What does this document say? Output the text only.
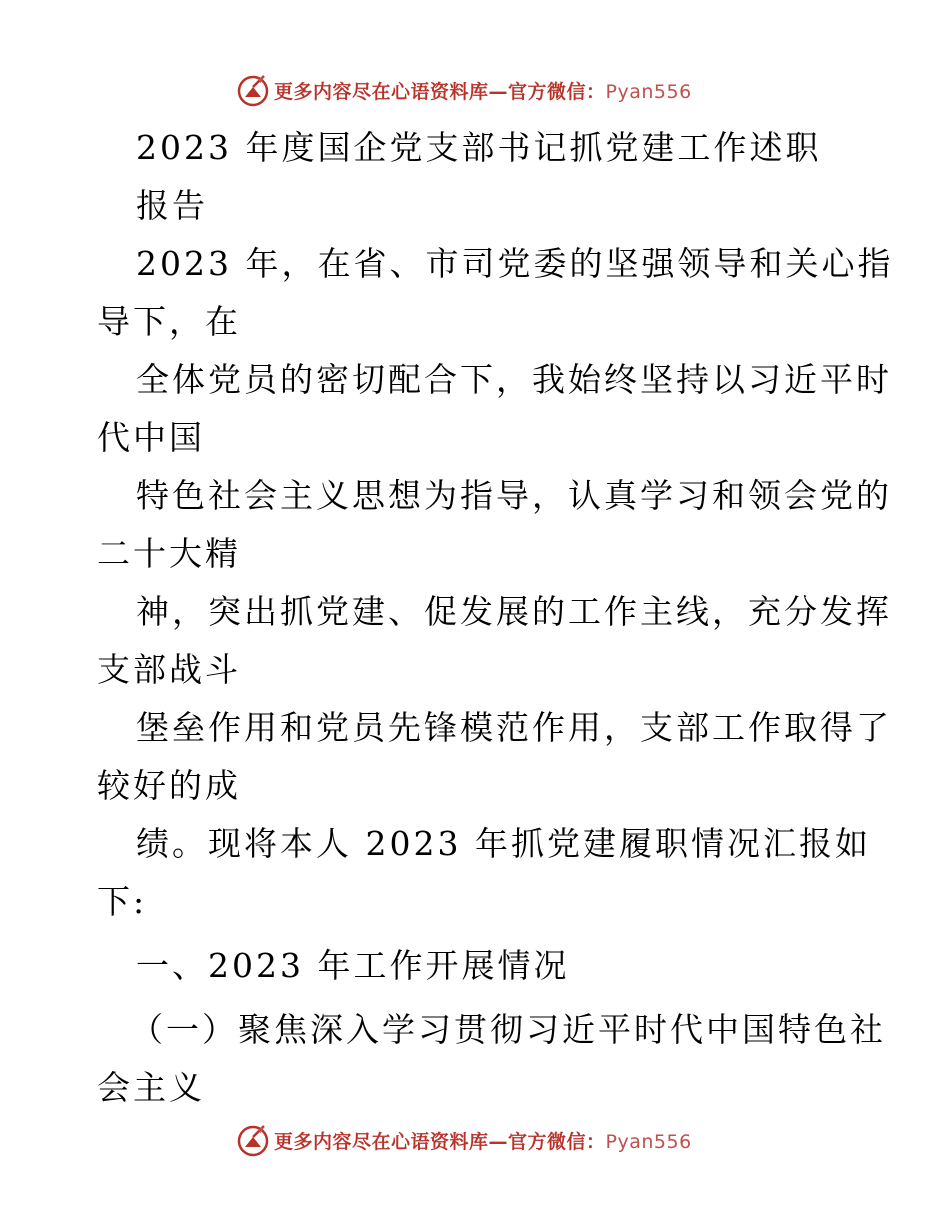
更多内容尽在心语资料库—官方微信：Pyan556
2023 年度国企党支部书记抓党建工作述职
报告
2023 年，在省、市司党委的坚强领导和关心指
导下，在
全体党员的密切配合下，我始终坚持以习近平时
代中国
特色社会主义思想为指导，认真学习和领会党的
二十大精
神，突出抓党建、促发展的工作主线，充分发挥
支部战斗
堡垒作用和党员先锋模范作用，支部工作取得了
较好的成
绩。现将本人 2023 年抓党建履职情况汇报如
下:
一、2023 年工作开展情况
（一）聚焦深入学习贯彻习近平时代中国特色社
会主义
更多内容尽在心语资料库—官方微信：Pyan556
